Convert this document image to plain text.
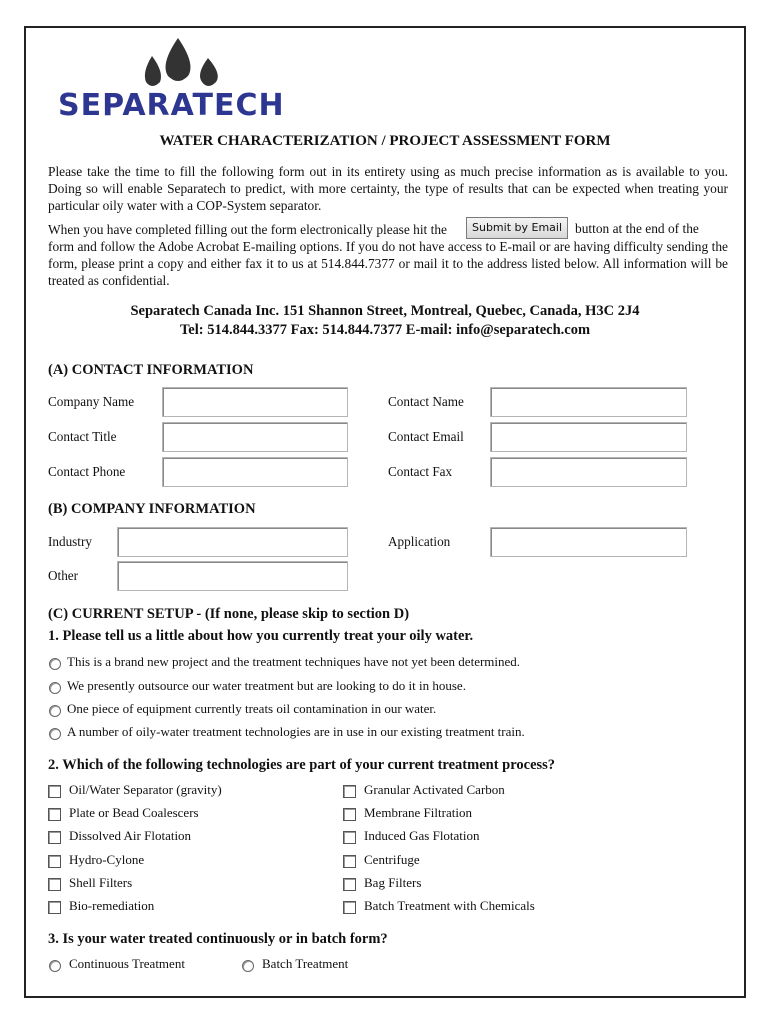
SEPARATECH
WATER CHARACTERIZATION / PROJECT ASSESSMENT FORM
Please take the time to fill the following form out in its entirety using as much precise information as is available to you. Doing so will enable Separatech to predict, with more certainty, the type of results that can be expected when treating your particular oily water with a COP-System separator.
When you have completed filling out the form electronically please hit the	Submit by Email button at the end of the
form and follow the Adobe Acrobat E-mailing options. If you do not have access to E-mail or are having difficulty sending the form, please print a copy and either fax it to us at 514.844.7377 or mail it to the address listed below. All information will be treated as confidential.
Separatech Canada Inc. 151 Shannon Street, Montreal, Quebec, Canada, H3C 2J4
Tel: 514.844.3377 Fax: 514.844.7377 E-mail: info@separatech.com
(A) CONTACT INFORMATION
Company Name	Contact Name
Contact Title	Contact Email
Contact Phone	Contact Fax
(B) COMPANY INFORMATION
Industry	Application
Other
(C) CURRENT SETUP - (If none, please skip to section D)
1. Please tell us a little about how you currently treat your oily water.
This is a brand new project and the treatment techniques have not yet been determined.
We presently outsource our water treatment but are looking to do it in house.
One piece of equipment currently treats oil contamination in our water.
A number of oily-water treatment technologies are in use in our existing treatment train.
2. Which of the following technologies are part of your current treatment process?
Oil/Water Separator (gravity)
Plate or Bead Coalescers
Dissolved Air Flotation
Hydro-Cylone
Shell Filters
Bio-remediation
Granular Activated Carbon
Membrane Filtration
Induced Gas Flotation
Centrifuge
Bag Filters
Batch Treatment with Chemicals
3. Is your water treated continuously or in batch form?
Continuous Treatment	Batch Treatment
